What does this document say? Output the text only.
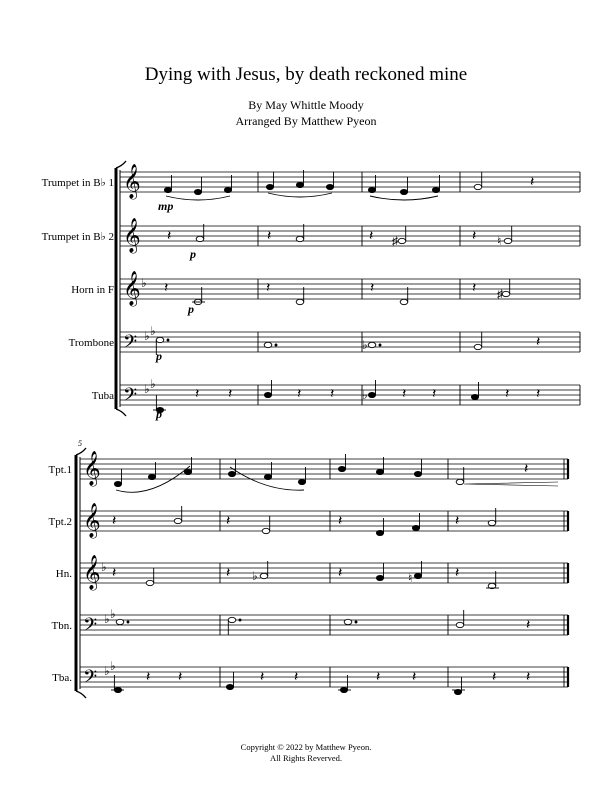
Dying with Jesus, by death reckoned mine
By May Whittle Moody
Arranged By Matthew Pyeon
𝄞
𝄞
𝄞
𝄢
𝄢
♭
♭ ♭
♭ ♭
𝄽
𝄽	𝄽	𝄽	𝄽
𝄽	𝄽	𝄽	𝄽
𝄽
𝄽 𝄽	𝄽 𝄽	𝄽 𝄽	𝄽 𝄽
♯	♮
♯
♭
♭
𝄞
𝄞
𝄞
𝄢
𝄢
♭
♭ ♭
♭ ♭
𝄽
𝄽	𝄽	𝄽	𝄽
𝄽	𝄽	𝄽	𝄽
𝄽
𝄽 𝄽	𝄽 𝄽	𝄽 𝄽	𝄽 𝄽
♭	♮
Trumpet in B♭ 1
Trumpet in B♭ 2
Horn in F
Trombone
Tuba
Tpt.1
Tpt.2
Hn.
Tbn.
Tba.
mp
p
p
p
p
5
Copyright © 2022 by Matthew Pyeon.
All Rights Reverved.
